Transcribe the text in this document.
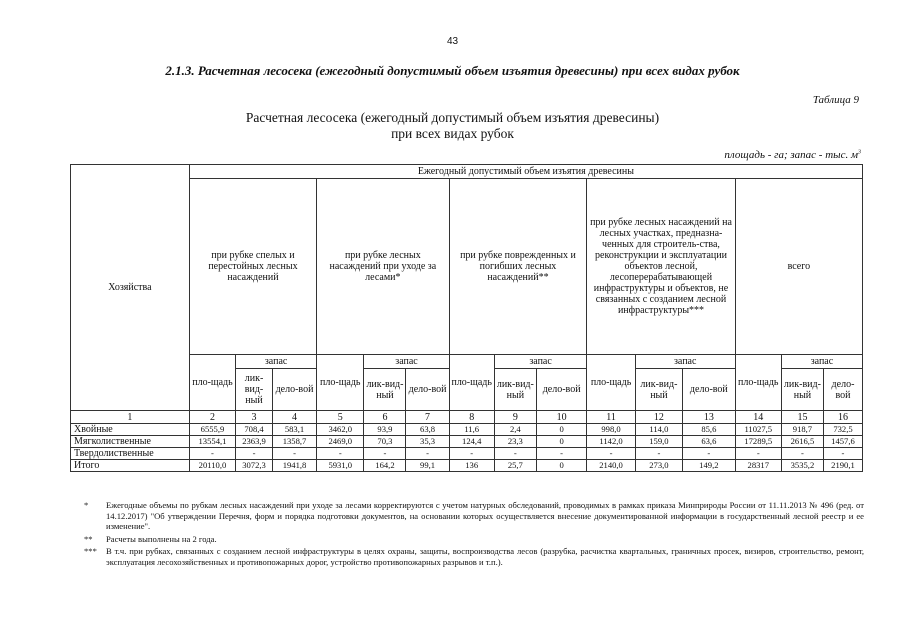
43
2.1.3. Расчетная лесосека (ежегодный допустимый объем изъятия древесины) при всех видах рубок
Таблица 9
Расчетная лесосека (ежегодный допустимый объем изъятия древесины)
при всех видах рубок
площадь - га; запас - тыс. $м^3$
Хозяйства	Ежегодный допустимый объем изъятия древесины														
	при рубке спелых и перестойных лесных насаждений			при рубке лесных насаждений при уходе за лесами*			при рубке поврежденных и погибших лесных насаждений**			при рубке лесных насаждений на лесных участках, предназна-ченных для строитель-ства, реконструкции и эксплуатации объектов лесной, лесоперерабатывающей инфраструктуры и объектов, не связанных с созданием лесной инфраструктуры***			всего		
	пло-щадь	запас		пло-щадь	запас		пло-щадь	запас		пло-щадь	запас		пло-щадь	запас	
		лик-вид-ный	дело-вой		лик-вид-ный	дело-вой		лик-вид-ный	дело-вой		лик-вид-ный	дело-вой		лик-вид-ный	дело-вой
1	2	3	4	5	6	7	8	9	10	11	12	13	14	15	16
Хвойные	6555,9	708,4	583,1	3462,0	93,9	63,8	11,6	2,4	0	998,0	114,0	85,6	11027,5	918,7	732,5
Мягколиственные	13554,1	2363,9	1358,7	2469,0	70,3	35,3	124,4	23,3	0	1142,0	159,0	63,6	17289,5	2616,5	1457,6
Твердолиственные	-	-	-	-	-	-	-	-	-	-	-	-	-	-	-
Итого	20110,0	3072,3	1941,8	5931,0	164,2	99,1	136	25,7	0	2140,0	273,0	149,2	28317	3535,2	2190,1
* Ежегодные объемы по рубкам лесных насаждений при уходе за лесами корректируются с учетом натурных обследований, проводимых в рамках приказа Минприроды России от 11.11.2013 № 496 (ред. от 14.12.2017) "Об утверждении Перечня, форм и порядка подготовки документов, на основании которых осуществляется внесение документированной информации в государственный лесной реестр и ее изменение".
** Расчеты выполнены на 2 года.
*** В т.ч. при рубках, связанных с созданием лесной инфраструктуры в целях охраны, защиты, воспроизводства лесов (разрубка, расчистка квартальных, граничных просек, визиров, строительство, ремонт, эксплуатация лесохозяйственных и противопожарных дорог, устройство противопожарных разрывов и т.п.).
